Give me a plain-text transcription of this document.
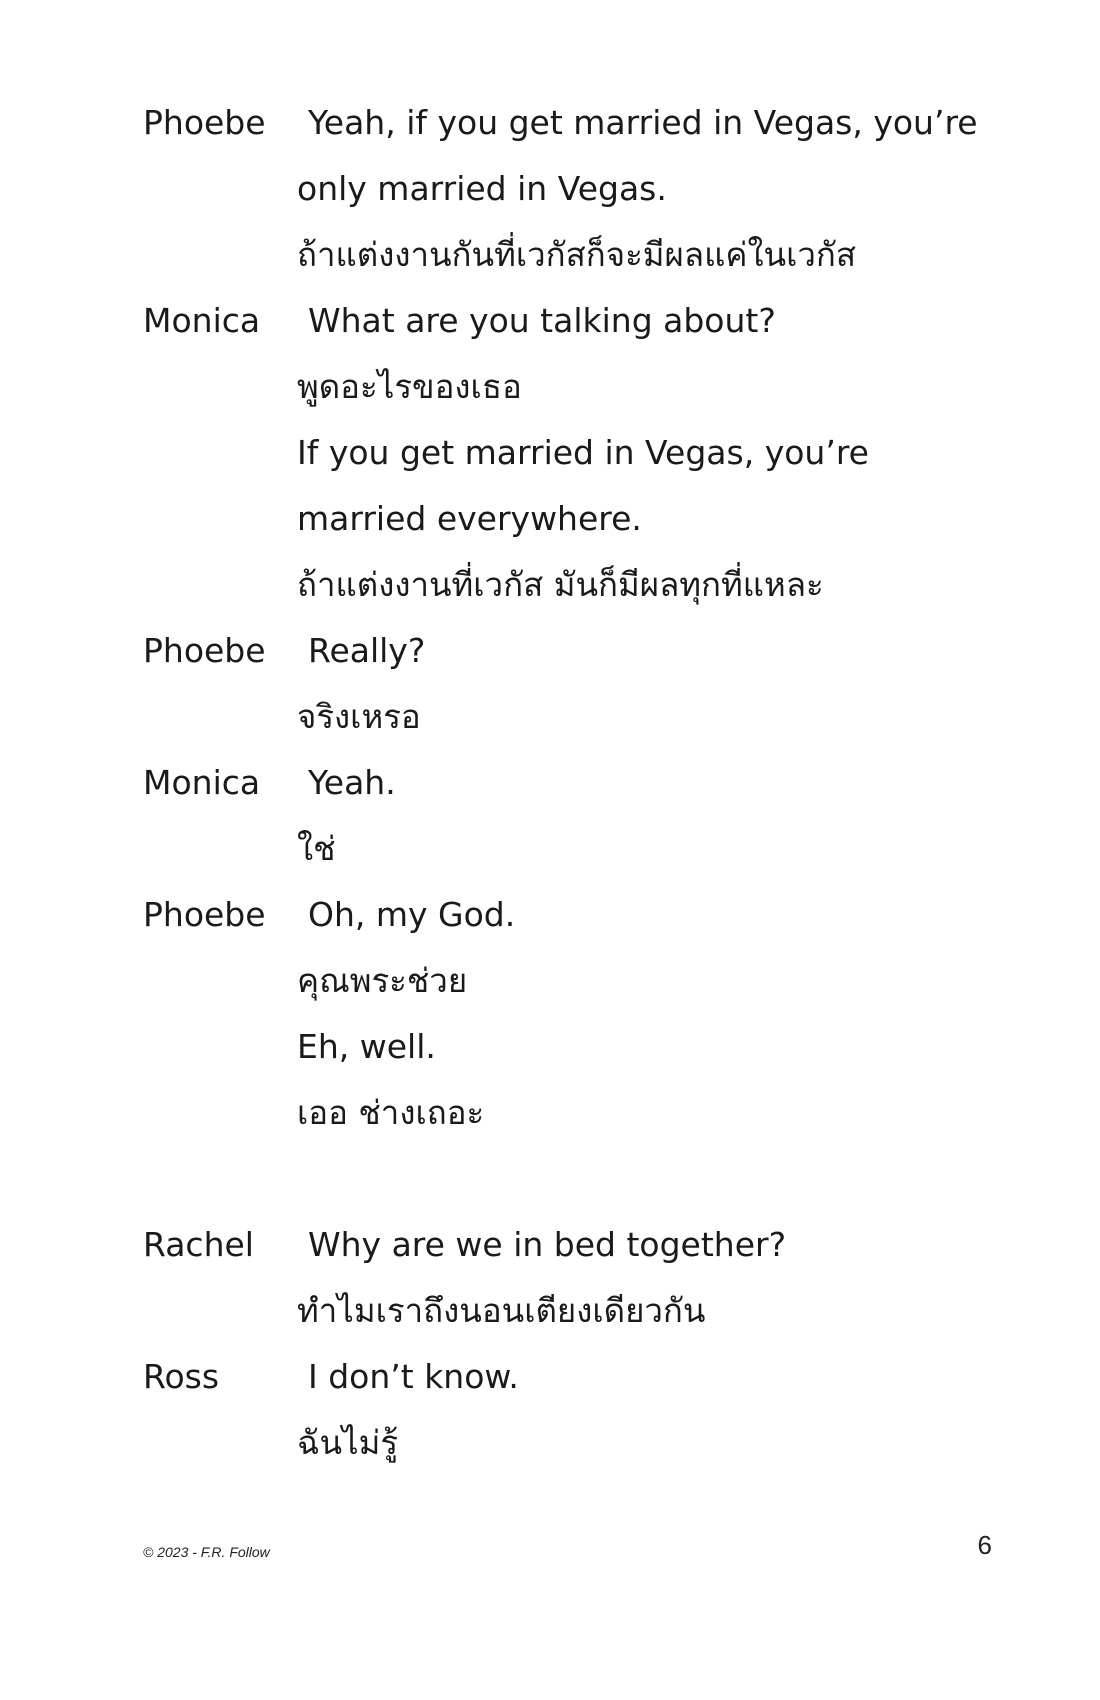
Phoebe Yeah, if you get married in Vegas, you’re
only married in Vegas.
ถ้าแต่งงานกันที่เวกัสก็จะมีผลแค่ในเวกัส
Monica What are you talking about?
พูดอะไรของเธอ
If you get married in Vegas, you’re
married everywhere.
ถ้าแต่งงานที่เวกัส มันก็มีผลทุกที่แหละ
Phoebe Really?
จริงเหรอ
Monica Yeah.
ใช่
Phoebe Oh, my God.
คุณพระช่วย
Eh, well.
เออ ช่างเถอะ
Rachel Why are we in bed together?
ทำไมเราถึงนอนเตียงเดียวกัน
Ross	I don’t know.
ฉันไม่รู้
© 2023 - F.R. Follow	6
